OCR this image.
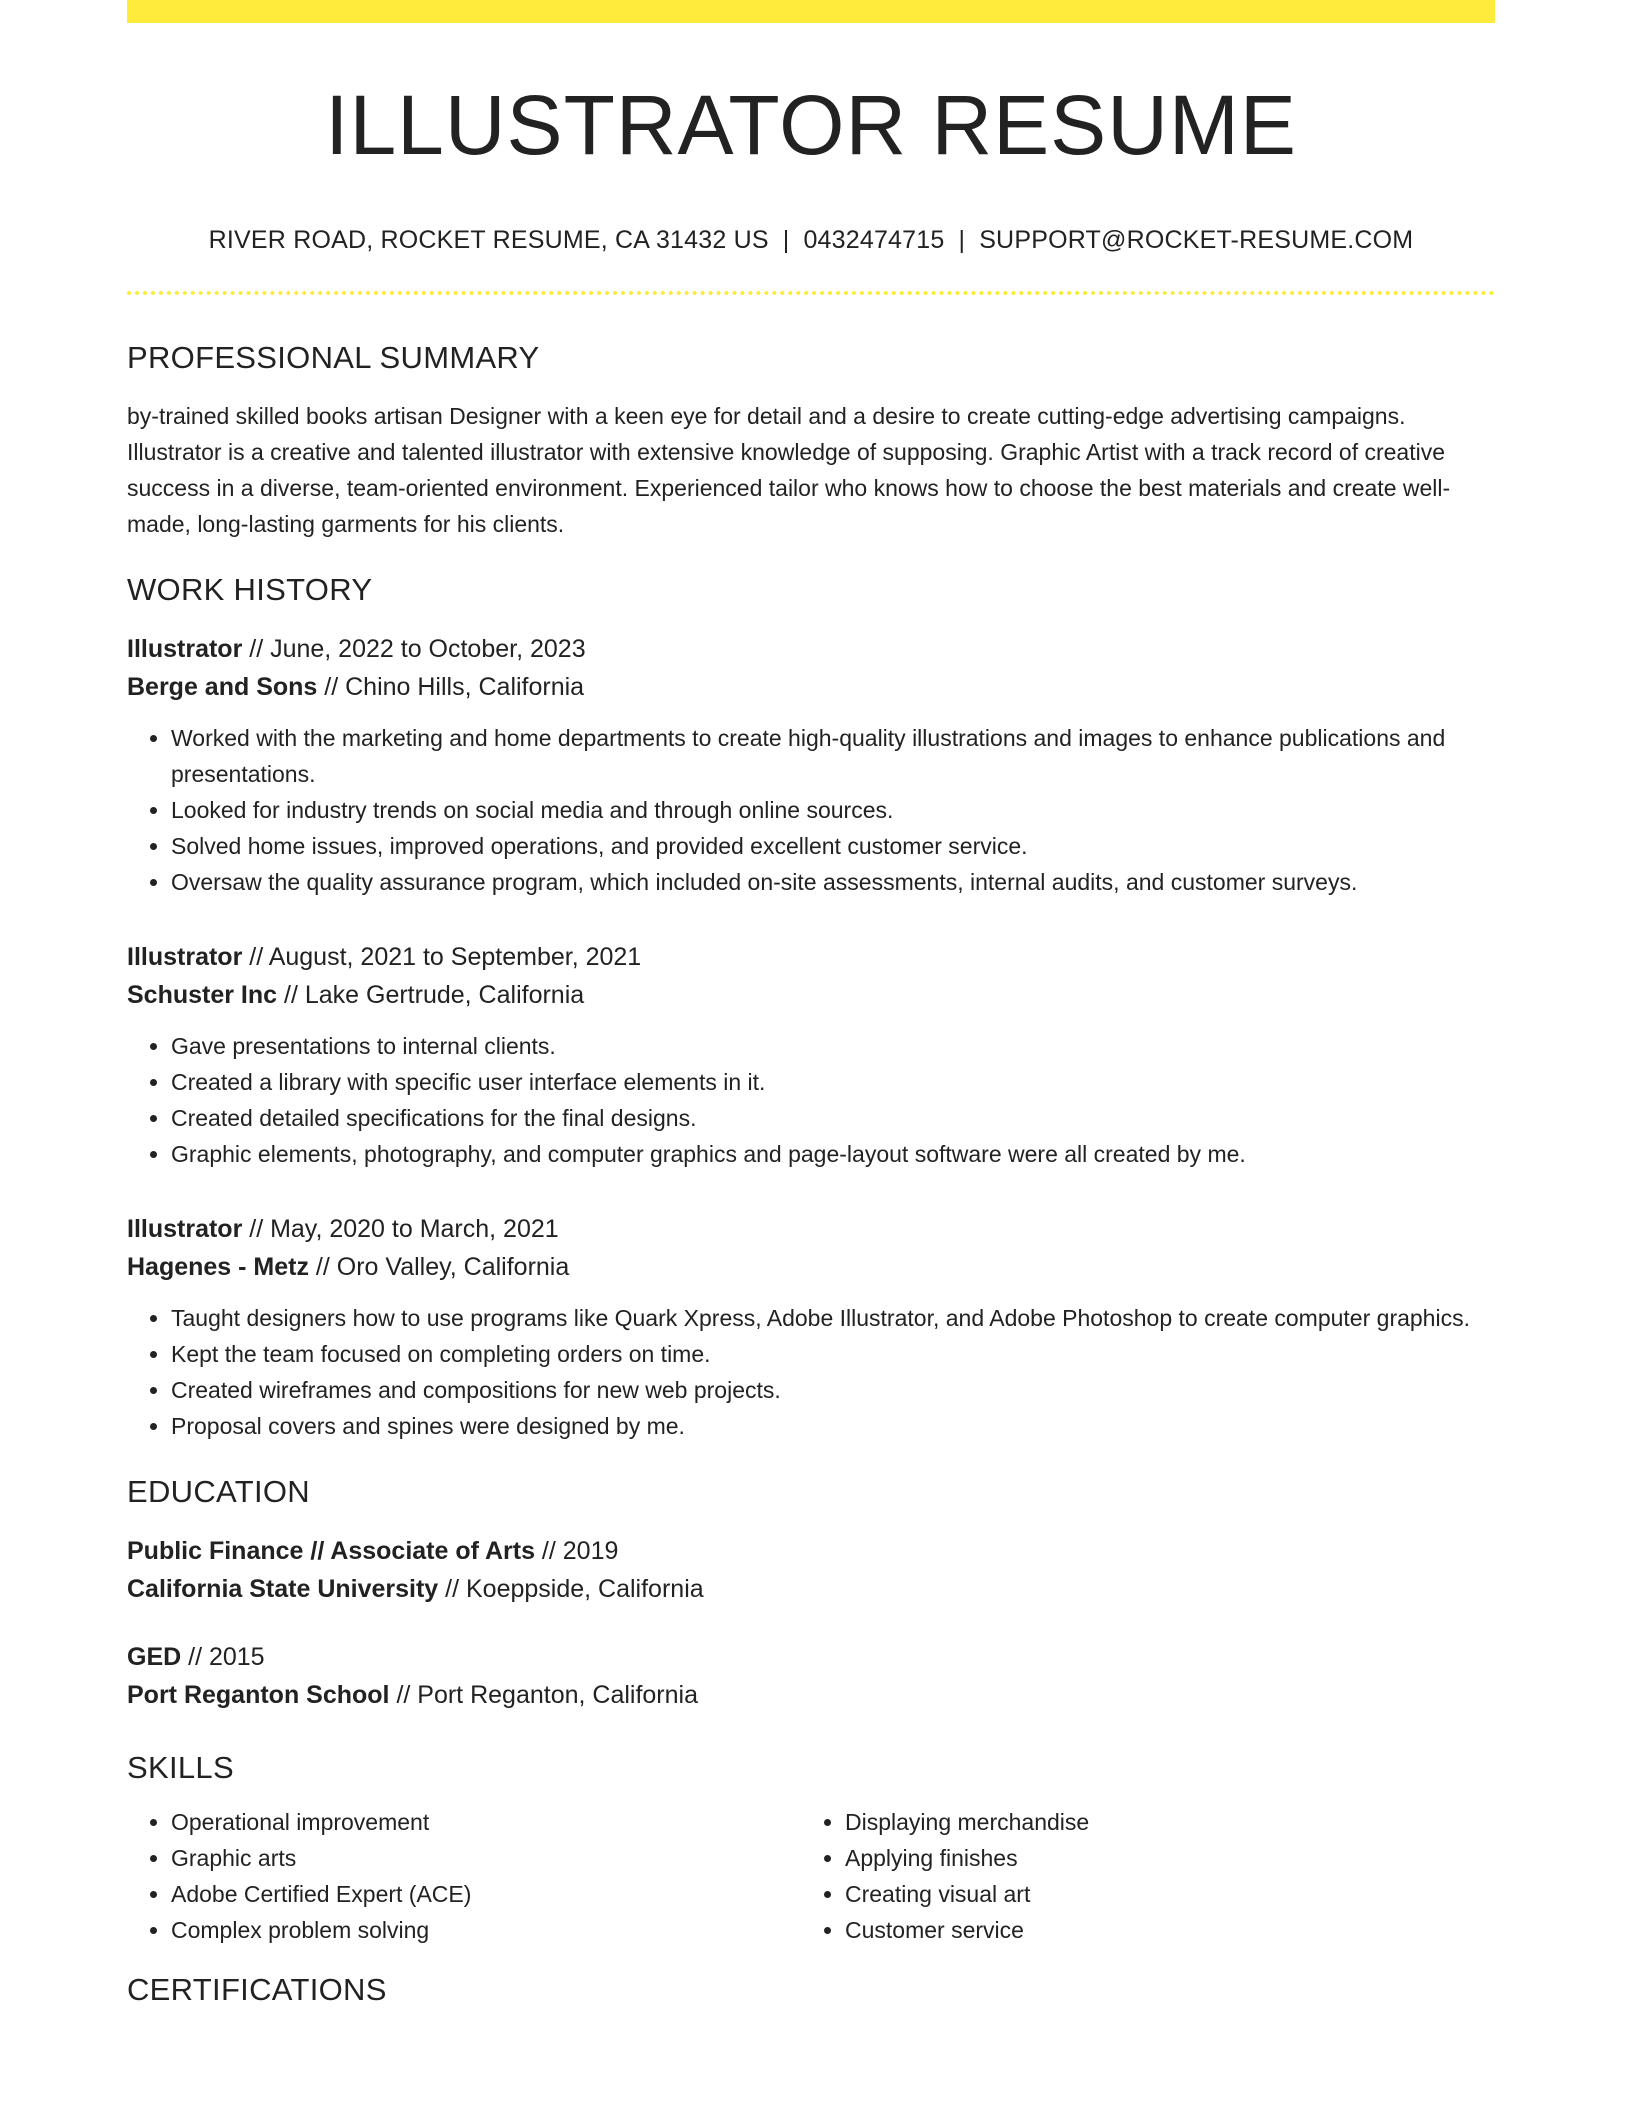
ILLUSTRATOR RESUME
RIVER ROAD, ROCKET RESUME, CA 31432 US | 0432474715 | SUPPORT@ROCKET-RESUME.COM
PROFESSIONAL SUMMARY

by-trained skilled books artisan Designer with a keen eye for detail and a desire to create cutting-edge advertising campaigns. Illustrator is a creative and talented illustrator with extensive knowledge of supposing. Graphic Artist with a track record of creative success in a diverse, team-oriented environment. Experienced tailor who knows how to choose the best materials and create well-made, long-lasting garments for his clients.

WORK HISTORY
Illustrator // June, 2022 to October, 2023
Berge and Sons // Chino Hills, California
• Worked with the marketing and home departments to create high-quality illustrations and images to enhance publications and presentations.
• Looked for industry trends on social media and through online sources.
• Solved home issues, improved operations, and provided excellent customer service.
• Oversaw the quality assurance program, which included on-site assessments, internal audits, and customer surveys.
Illustrator // August, 2021 to September, 2021
Schuster Inc // Lake Gertrude, California
• Gave presentations to internal clients.
• Created a library with specific user interface elements in it.
• Created detailed specifications for the final designs.
• Graphic elements, photography, and computer graphics and page-layout software were all created by me.
Illustrator // May, 2020 to March, 2021
Hagenes - Metz // Oro Valley, California
• Taught designers how to use programs like Quark Xpress, Adobe Illustrator, and Adobe Photoshop to create computer graphics.
• Kept the team focused on completing orders on time.
• Created wireframes and compositions for new web projects.
• Proposal covers and spines were designed by me.
EDUCATION
Public Finance // Associate of Arts // 2019
California State University // Koeppside, California
GED // 2015
Port Reganton School // Port Reganton, California
SKILLS
• Operational improvement
• Graphic arts
• Adobe Certified Expert (ACE)
• Complex problem solving
• Displaying merchandise
• Applying finishes
• Creating visual art
• Customer service
CERTIFICATIONS
